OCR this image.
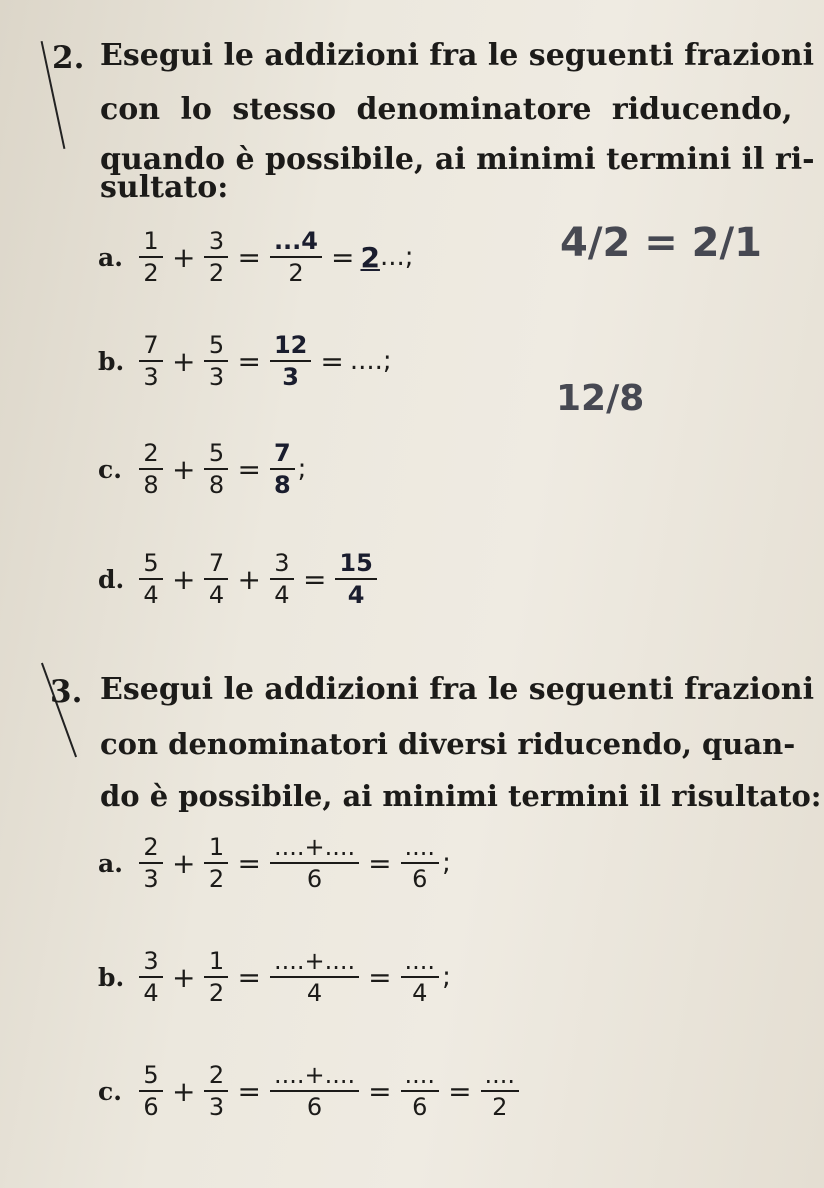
2. Esegui le addizioni fra le seguenti frazioni
con lo stesso denominatore riducendo,
quando è possibile, ai minimi termini il ri-
sultato:
a. $\frac{1}{2} + \frac{3}{2} = \frac{...4}{2} = 2$ ...;
b. $\frac{7}{3} + \frac{5}{3} = \frac{12}{3}$ = ....;
c. $\frac{2}{8} + \frac{5}{8} = \frac{7}{8}$ ;
d. $\frac{5}{4} + \frac{7}{4} + \frac{3}{4} = \frac{15}{4}$
4/2 = 2/1
12/8
3. Esegui le addizioni fra le seguenti frazioni
con denominatori diversi riducendo, quan-
do è possibile, ai minimi termini il risultato:
a. $\frac{2}{3} + \frac{1}{2} = \frac{....+....}{6} = \frac{....}{6}$ ;
b. $\frac{3}{4} + \frac{1}{2} = \frac{....+....}{4} = \frac{....}{4}$ ;
c. $\frac{5}{6} + \frac{2}{3} = \frac{....+....}{6} = \frac{....}{6} = \frac{....}{2}$
